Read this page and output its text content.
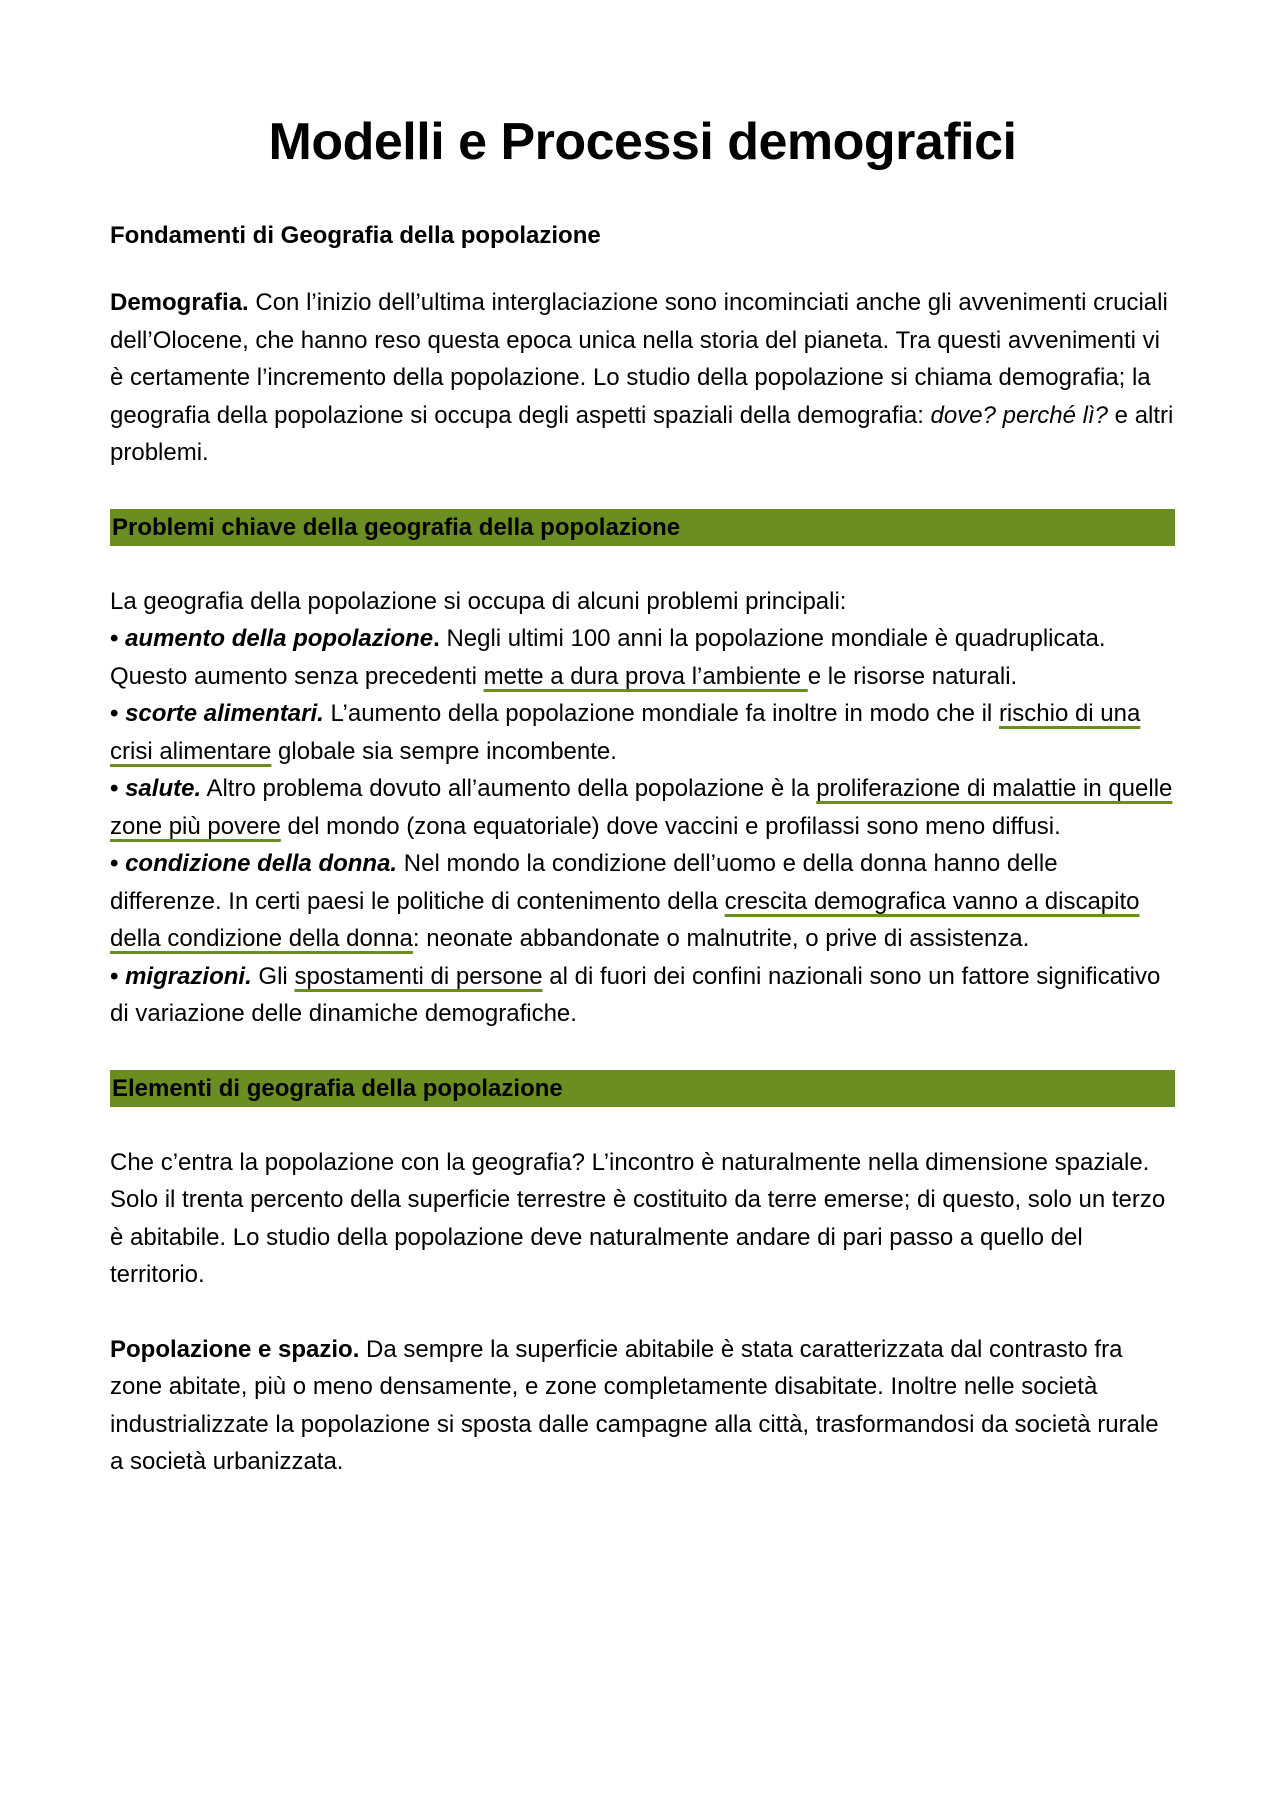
Modelli e Processi demografici
Fondamenti di Geografia della popolazione

Demografia. Con l’inizio dell’ultima interglaciazione sono incominciati anche gli avvenimenti cruciali dell’Olocene, che hanno reso questa epoca unica nella storia del pianeta. Tra questi avvenimenti vi è certamente l’incremento della popolazione. Lo studio della popolazione si chiama demografia; la geografia della popolazione si occupa degli aspetti spaziali della demografia: dove? perché lì? e altri problemi.

Problemi chiave della geografia della popolazione

La geografia della popolazione si occupa di alcuni problemi principali:
• aumento della popolazione. Negli ultimi 100 anni la popolazione mondiale è quadruplicata. Questo aumento senza precedenti mette a dura prova l’ambiente e le risorse naturali.
• scorte alimentari. L’aumento della popolazione mondiale fa inoltre in modo che il rischio di una crisi alimentare globale sia sempre incombente.
• salute. Altro problema dovuto all’aumento della popolazione è la proliferazione di malattie in quelle zone più povere del mondo (zona equatoriale) dove vaccini e profilassi sono meno diffusi.
• condizione della donna. Nel mondo la condizione dell’uomo e della donna hanno delle differenze. In certi paesi le politiche di contenimento della crescita demografica vanno a discapito della condizione della donna: neonate abbandonate o malnutrite, o prive di assistenza.
• migrazioni. Gli spostamenti di persone al di fuori dei confini nazionali sono un fattore significativo di variazione delle dinamiche demografiche.

Elementi di geografia della popolazione

Che c’entra la popolazione con la geografia? L’incontro è naturalmente nella dimensione spaziale. Solo il trenta percento della superficie terrestre è costituito da terre emerse; di questo, solo un terzo è abitabile. Lo studio della popolazione deve naturalmente andare di pari passo a quello del territorio.

Popolazione e spazio. Da sempre la superficie abitabile è stata caratterizzata dal contrasto fra zone abitate, più o meno densamente, e zone completamente disabitate. Inoltre nelle società industrializzate la popolazione si sposta dalle campagne alla città, trasformandosi da società rurale a società urbanizzata.
